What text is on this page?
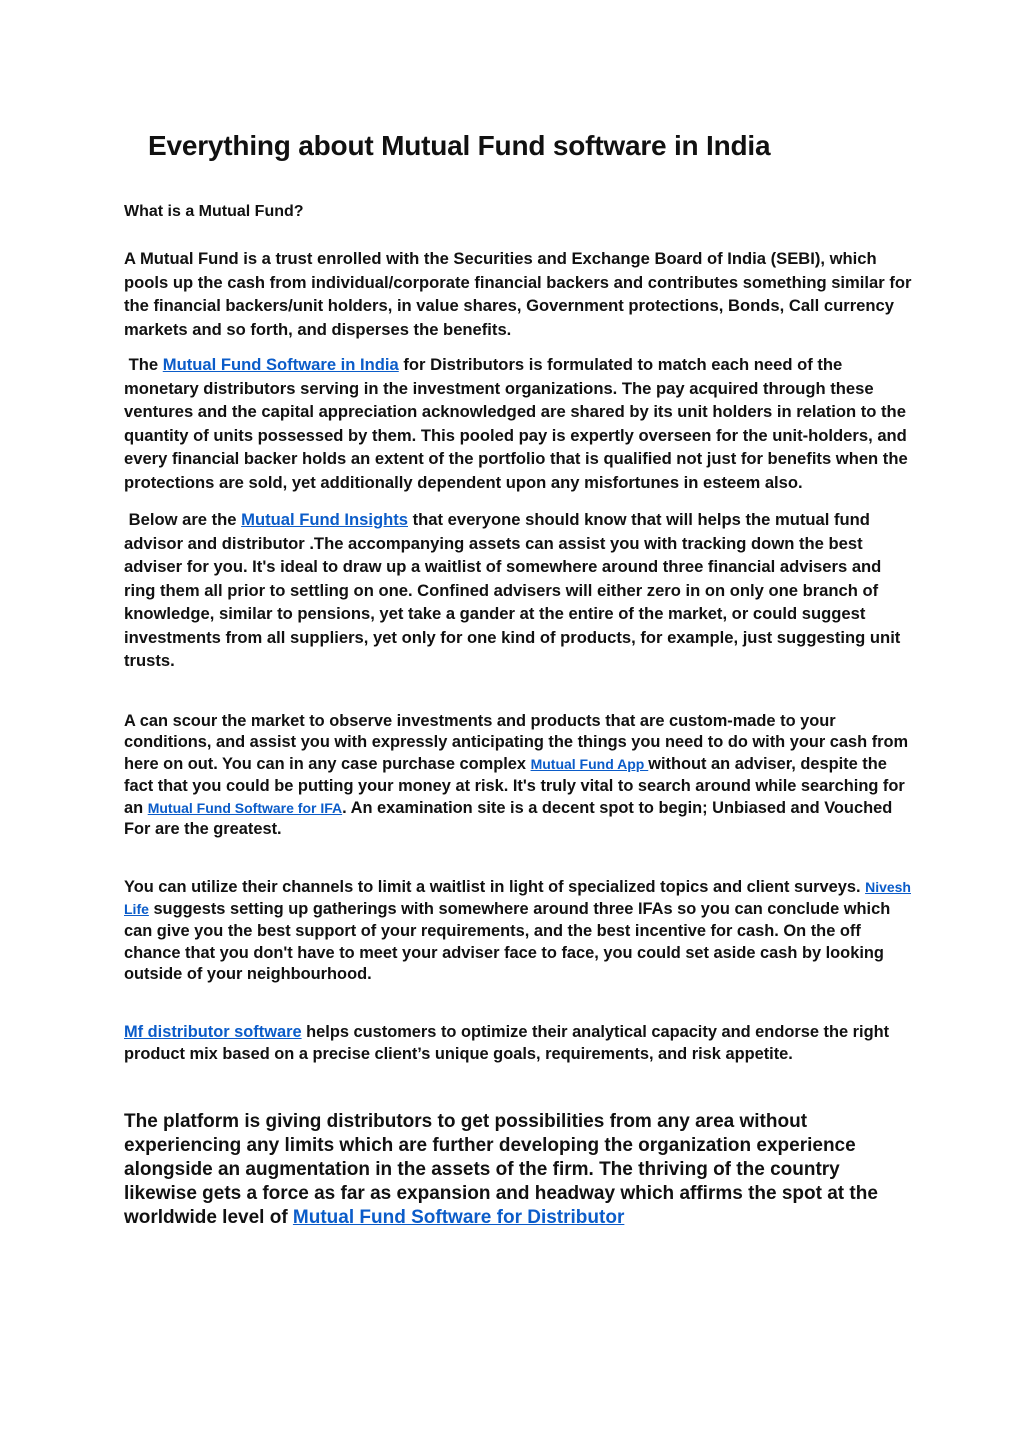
Everything about Mutual Fund software in India

What is a Mutual Fund?

A Mutual Fund is a trust enrolled with the Securities and Exchange Board of India (SEBI), which pools up the cash from individual/corporate financial backers and contributes something similar for the financial backers/unit holders, in value shares, Government protections, Bonds, Call currency markets and so forth, and disperses the benefits.

The Mutual Fund Software in India for Distributors is formulated to match each need of the monetary distributors serving in the investment organizations. The pay acquired through these ventures and the capital appreciation acknowledged are shared by its unit holders in relation to the quantity of units possessed by them. This pooled pay is expertly overseen for the unit-holders, and every financial backer holds an extent of the portfolio that is qualified not just for benefits when the protections are sold, yet additionally dependent upon any misfortunes in esteem also.

Below are the Mutual Fund Insights that everyone should know that will helps the mutual fund advisor and distributor .The accompanying assets can assist you with tracking down the best adviser for you. It's ideal to draw up a waitlist of somewhere around three financial advisers and ring them all prior to settling on one. Confined advisers will either zero in on only one branch of knowledge, similar to pensions, yet take a gander at the entire of the market, or could suggest investments from all suppliers, yet only for one kind of products, for example, just suggesting unit trusts.

A can scour the market to observe investments and products that are custom-made to your conditions, and assist you with expressly anticipating the things you need to do with your cash from here on out. You can in any case purchase complex Mutual Fund App without an adviser, despite the fact that you could be putting your money at risk. It's truly vital to search around while searching for an Mutual Fund Software for IFA. An examination site is a decent spot to begin; Unbiased and Vouched For are the greatest.

You can utilize their channels to limit a waitlist in light of specialized topics and client surveys. Nivesh Life suggests setting up gatherings with somewhere around three IFAs so you can conclude which can give you the best support of your requirements, and the best incentive for cash. On the off chance that you don't have to meet your adviser face to face, you could set aside cash by looking outside of your neighbourhood.

Mf distributor software helps customers to optimize their analytical capacity and endorse the right product mix based on a precise client’s unique goals, requirements, and risk appetite.

The platform is giving distributors to get possibilities from any area without experiencing any limits which are further developing the organization experience alongside an augmentation in the assets of the firm. The thriving of the country likewise gets a force as far as expansion and headway which affirms the spot at the worldwide level of Mutual Fund Software for Distributor
